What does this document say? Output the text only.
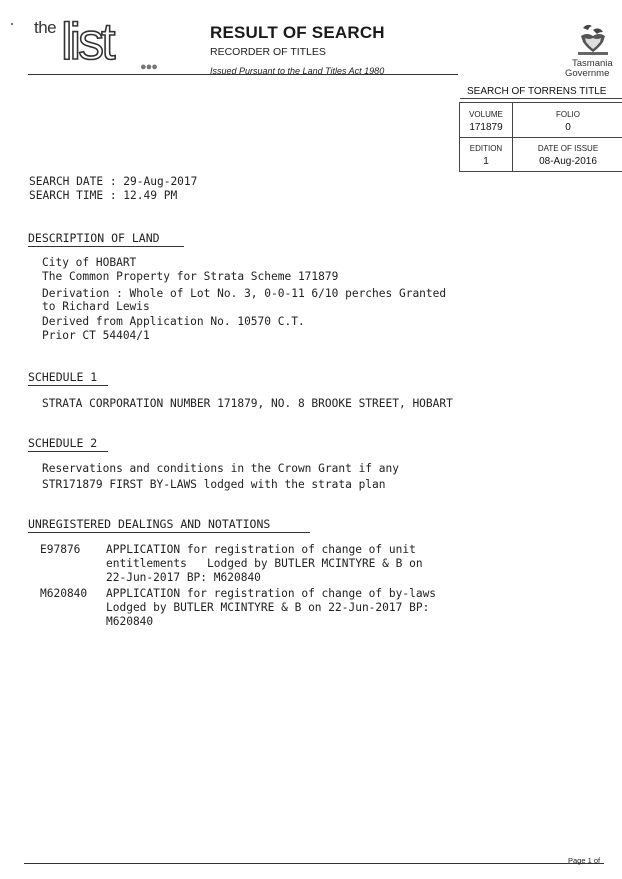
the list ●●●
RESULT OF SEARCH
RECORDER OF TITLES
Issued Pursuant to the Land Titles Act 1980
Tasmania
Governme
SEARCH OF TORRENS TITLE
VOLUME
171879
FOLIO
0
EDITION
1
DATE OF ISSUE
08-Aug-2016
SEARCH DATE : 29-Aug-2017
SEARCH TIME : 12.49 PM
DESCRIPTION OF LAND
City of HOBART
The Common Property for Strata Scheme 171879
Derivation : Whole of Lot No. 3, 0-0-11 6/10 perches Granted
to Richard Lewis
Derived from Application No. 10570 C.T.
Prior CT 54404/1
SCHEDULE 1
STRATA CORPORATION NUMBER 171879, NO. 8 BROOKE STREET, HOBART
SCHEDULE 2
Reservations and conditions in the Crown Grant if any
STR171879 FIRST BY-LAWS lodged with the strata plan
UNREGISTERED DEALINGS AND NOTATIONS
E97876 APPLICATION for registration of change of unit
entitlements   Lodged by BUTLER MCINTYRE & B on
22-Jun-2017 BP: M620840
M620840 APPLICATION for registration of change of by-laws
Lodged by BUTLER MCINTYRE & B on 22-Jun-2017 BP:
M620840
Page 1 of
